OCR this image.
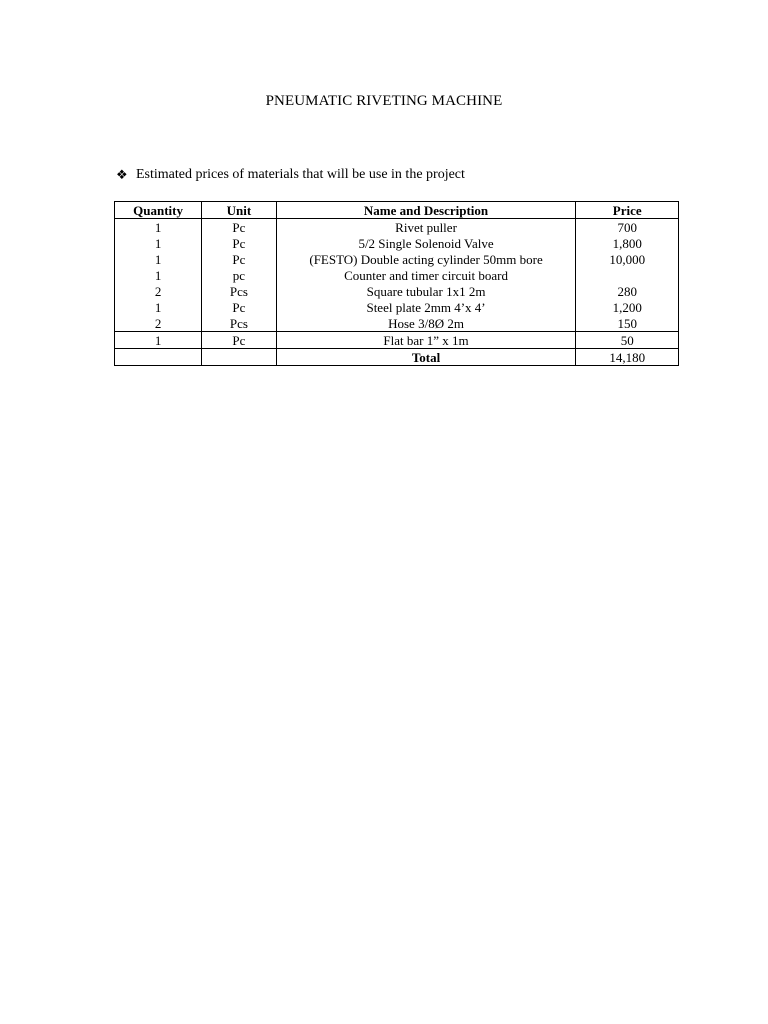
PNEUMATIC RIVETING MACHINE
❖ Estimated prices of materials that will be use in the project
Quantity	Unit	Name and Description	Price
1	Pc	Rivet puller	700
1	Pc	5/2 Single Solenoid Valve	1,800
1	Pc	(FESTO) Double acting cylinder 50mm bore	10,000
1	pc	Counter and timer circuit board	
2	Pcs	Square tubular 1x1 2m	280
1	Pc	Steel plate 2mm 4’x 4’	1,200
2	Pcs	Hose 3/8Ø 2m	150
1	Pc	Flat bar 1” x 1m	50
		Total	14,180
